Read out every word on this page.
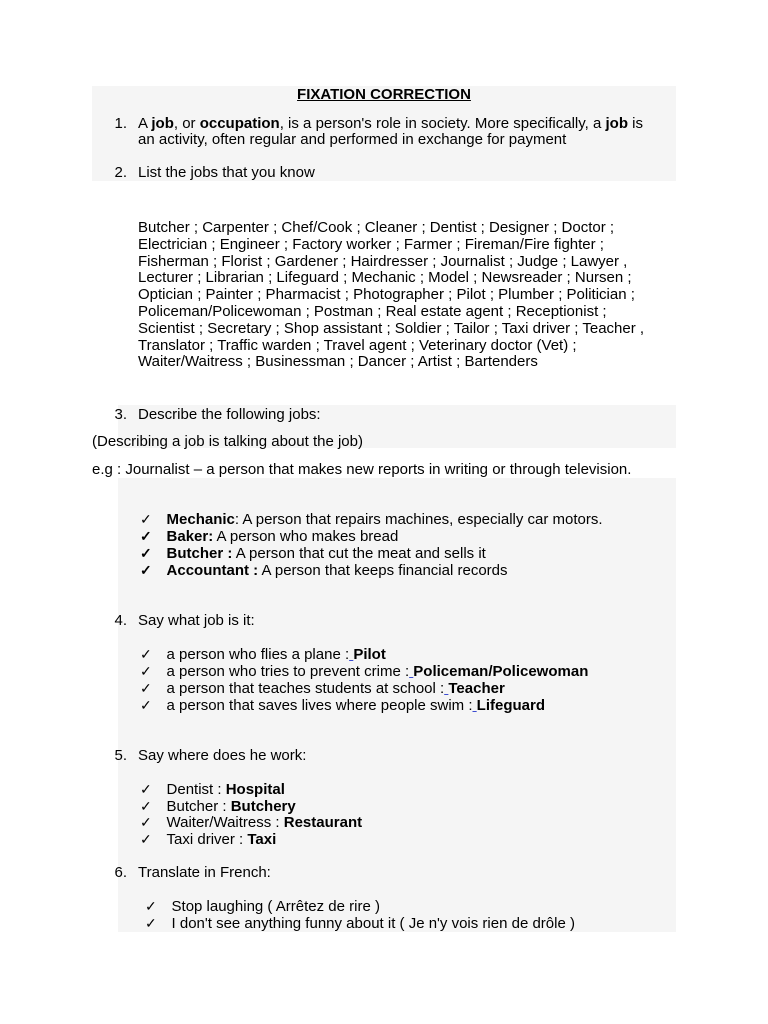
FIXATION CORRECTION
1. A job, or occupation, is a person's role in society. More specifically, a job is
an activity, often regular and performed in exchange for payment
2. List the jobs that you know
Butcher ; Carpenter ; Chef/Cook ; Cleaner ; Dentist ; Designer ; Doctor ;
Electrician ; Engineer ; Factory worker ; Farmer ; Fireman/Fire fighter ;
Fisherman ; Florist ; Gardener ; Hairdresser ; Journalist ; Judge ; Lawyer ,
Lecturer ; Librarian ; Lifeguard ; Mechanic ; Model ; Newsreader ; Nursen ;
Optician ; Painter ; Pharmacist ; Photographer ; Pilot ; Plumber ; Politician ;
Policeman/Policewoman ; Postman ; Real estate agent ; Receptionist ;
Scientist ; Secretary ; Shop assistant ; Soldier ; Tailor ; Taxi driver ; Teacher ,
Translator ; Traffic warden ; Travel agent ; Veterinary doctor (Vet) ;
Waiter/Waitress ; Businessman ; Dancer ; Artist ; Bartenders
3. Describe the following jobs:
(Describing a job is talking about the job)
e.g : Journalist – a person that makes new reports in writing or through television.
✓ Mechanic: A person that repairs machines, especially car motors.
✓ Baker: A person who makes bread
✓ Butcher : A person that cut the meat and sells it
✓ Accountant : A person that keeps financial records
4. Say what job is it:
✓ a person who flies a plane : Pilot
✓ a person who tries to prevent crime : Policeman/Policewoman
✓ a person that teaches students at school : Teacher
✓ a person that saves lives where people swim : Lifeguard
5. Say where does he work:
✓ Dentist : Hospital
✓ Butcher : Butchery
✓ Waiter/Waitress : Restaurant
✓ Taxi driver : Taxi
6. Translate in French:
✓ Stop laughing ( Arrêtez de rire )
✓ I don't see anything funny about it ( Je n'y vois rien de drôle )
